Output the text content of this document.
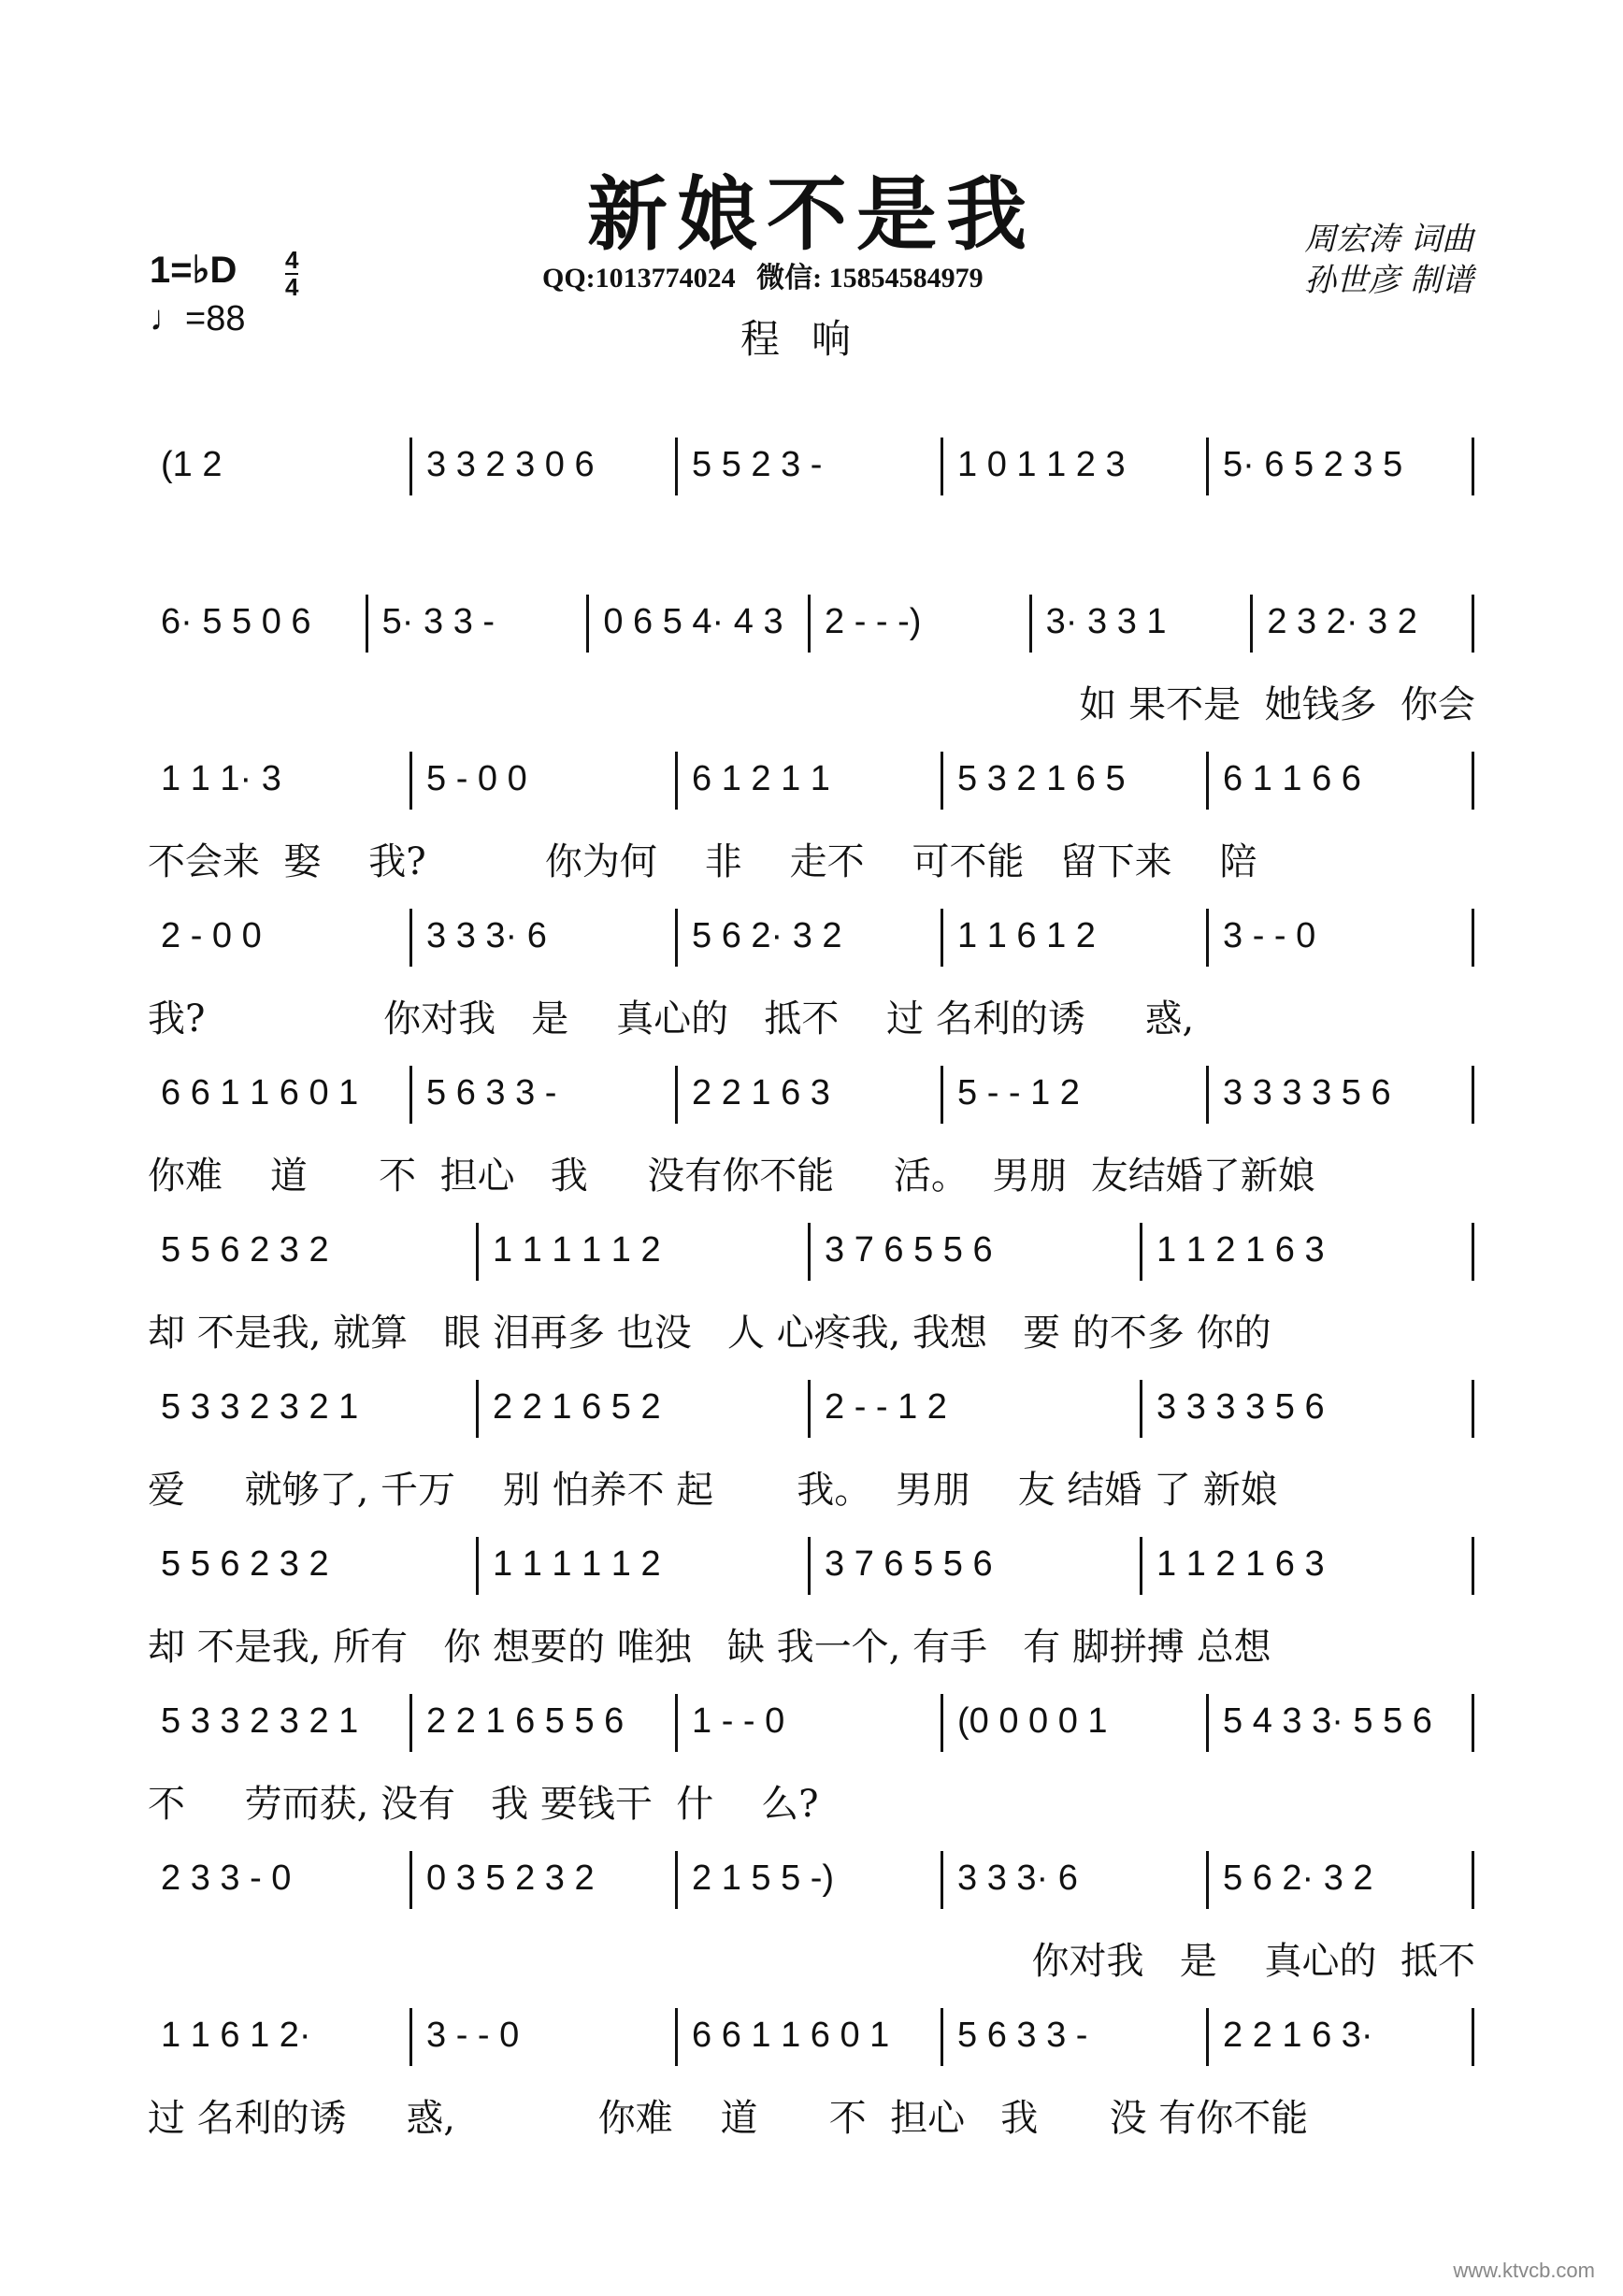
新娘不是我
QQ:1013774024   微信: 15854584979
程响
周宏涛 词曲
孙世彦 制谱
1=♭D 4
4
♩=88
(1 2	3 3 2 3 0 6	5 5 2 3 -	1 0 1 1 2 3	5· 6 5 2 3 5
6· 5 5 0 6	5· 3 3 -	0 6 5 4· 4 3	2 - - -)	3· 3 3 1	2 3 2· 3 2
如 果不是  她钱多  你会
1 1 1· 3	5 - 0 0	6 1 2 1 1	5 3 2 1 6 5	6 1 1 6 6
不会来  娶    我?          你为何    非    走不    可不能   留下来    陪
2 - 0 0	3 3 3· 6	5 6 2· 3 2	1 1 6 1 2	3 - - 0
我?               你对我   是    真心的   抵不    过 名利的诱     惑,
6 6 1 1 6 0 1	5 6 3 3 -	2 2 1 6 3	5 - - 1 2	3 3 3 3 5 6
你难    道      不  担心   我     没有你不能     活。  男朋  友结婚了新娘
5 5 6 2 3 2	1 1 1 1 1 2	3 7 6 5 5 6	1 1 2 1 6 3
却 不是我, 就算   眼 泪再多 也没   人 心疼我, 我想   要 的不多 你的
5 3 3 2 3 2 1	2 2 1 6 5 2	2 - - 1 2	3 3 3 3 5 6
爱     就够了, 千万    别 怕养不 起       我。  男朋    友 结婚 了 新娘
5 5 6 2 3 2	1 1 1 1 1 2	3 7 6 5 5 6	1 1 2 1 6 3
却 不是我, 所有   你 想要的 唯独   缺 我一个, 有手   有 脚拼搏 总想
5 3 3 2 3 2 1	2 2 1 6 5 5 6	1 - - 0	(0 0 0 0 1	5 4 3 3· 5 5 6
不     劳而获, 没有   我 要钱干  什    么?
2 3 3 - 0	0 3 5 2 3 2	2 1 5 5 -)	3 3 3· 6	5 6 2· 3 2
你对我   是    真心的  抵不
1 1 6 1 2·	3 - - 0	6 6 1 1 6 0 1	5 6 3 3 -	2 2 1 6 3·
过 名利的诱     惑,            你难    道      不  担心   我      没 有你不能
www.ktvcb.com
